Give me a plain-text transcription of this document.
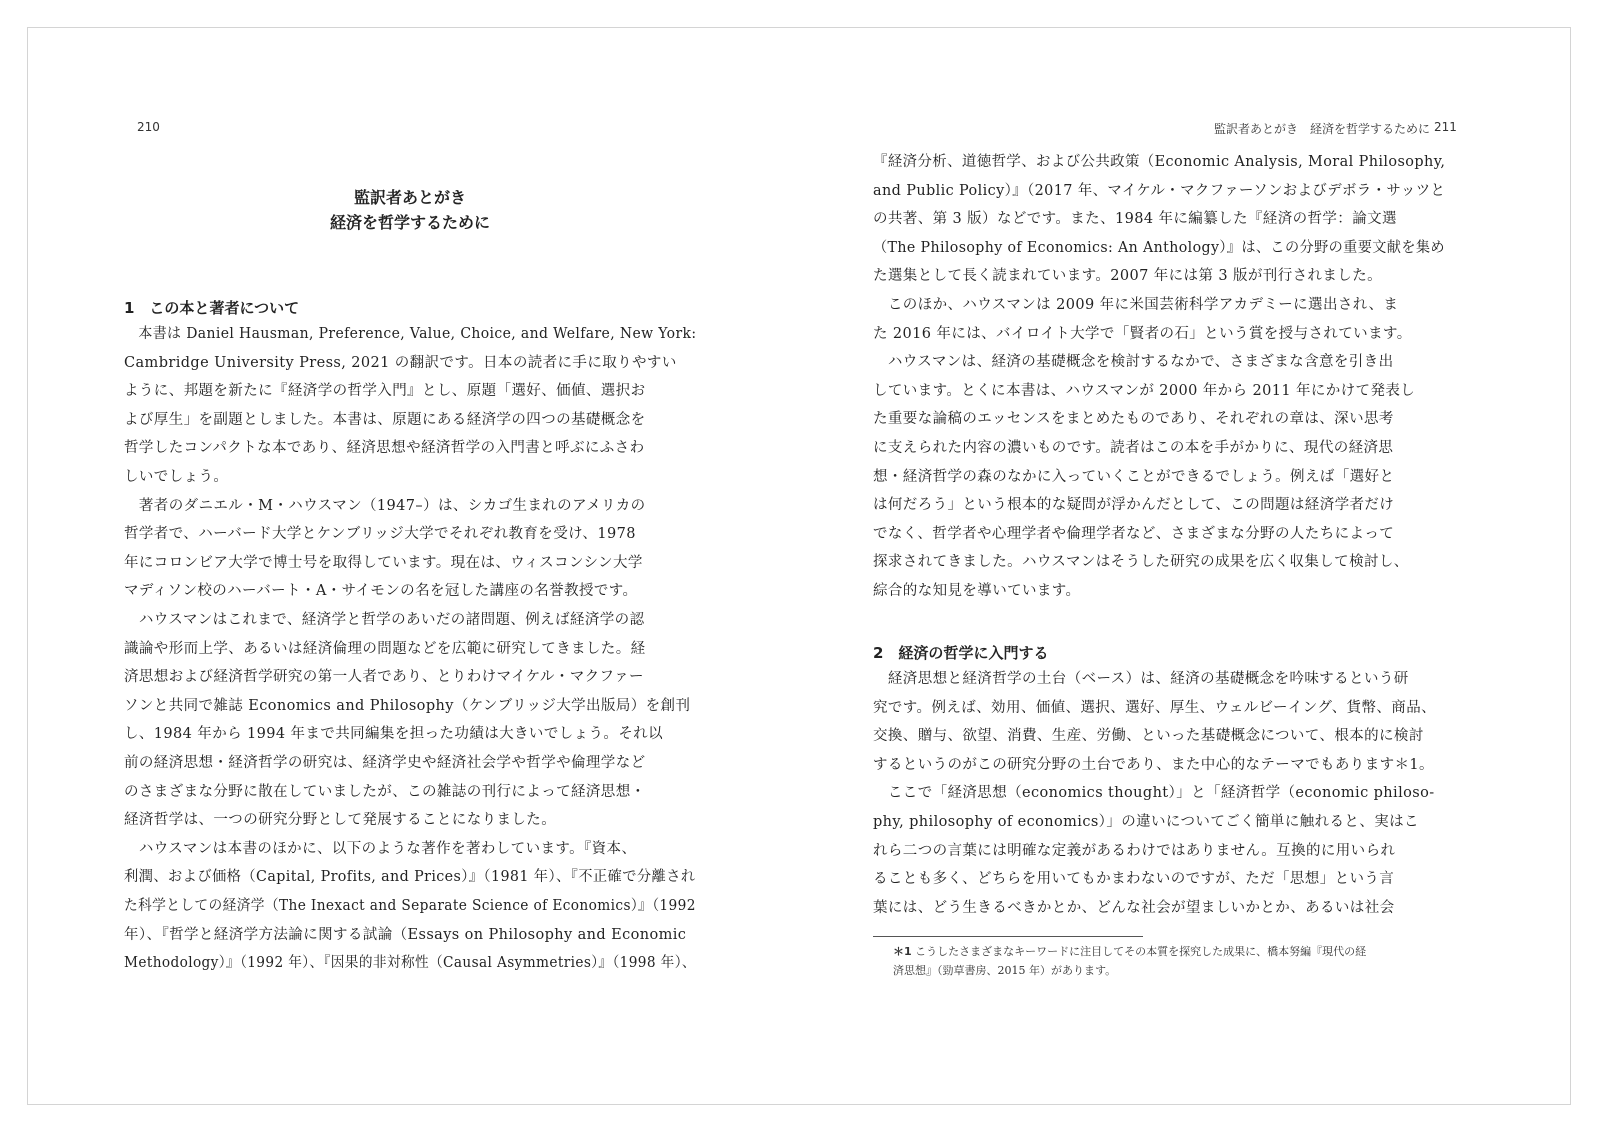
210
監訳者あとがき
経済を哲学するために
1　この本と著者について
　本書は Daniel Hausman, Preference, Value, Choice, and Welfare, New York:
Cambridge University Press, 2021 の翻訳です。日本の読者に手に取りやすい
ように、邦題を新たに『経済学の哲学入門』とし、原題「選好、価値、選択お
よび厚生」を副題としました。本書は、原題にある経済学の四つの基礎概念を
哲学したコンパクトな本であり、経済思想や経済哲学の入門書と呼ぶにふさわ
しいでしょう。
　著者のダニエル・M・ハウスマン（1947–）は、シカゴ生まれのアメリカの
哲学者で、ハーバード大学とケンブリッジ大学でそれぞれ教育を受け、1978
年にコロンビア大学で博士号を取得しています。現在は、ウィスコンシン大学
マディソン校のハーバート・A・サイモンの名を冠した講座の名誉教授です。
　ハウスマンはこれまで、経済学と哲学のあいだの諸問題、例えば経済学の認
識論や形而上学、あるいは経済倫理の問題などを広範に研究してきました。経
済思想および経済哲学研究の第一人者であり、とりわけマイケル・マクファー
ソンと共同で雑誌 Economics and Philosophy（ケンブリッジ大学出版局）を創刊
し、1984 年から 1994 年まで共同編集を担った功績は大きいでしょう。それ以
前の経済思想・経済哲学の研究は、経済学史や経済社会学や哲学や倫理学など
のさまざまな分野に散在していましたが、この雑誌の刊行によって経済思想・
経済哲学は、一つの研究分野として発展することになりました。
　ハウスマンは本書のほかに、以下のような著作を著わしています。『資本、
利潤、および価格（Capital, Profits, and Prices）』（1981 年）、『不正確で分離され
た科学としての経済学（The Inexact and Separate Science of Economics）』（1992
年）、『哲学と経済学方法論に関する試論（Essays on Philosophy and Economic
Methodology）』（1992 年）、『因果的非対称性（Causal Asymmetries）』（1998 年）、
監訳者あとがき　経済を哲学するために 211
『経済分析、道徳哲学、および公共政策（Economic Analysis, Moral Philosophy,
and Public Policy）』（2017 年、マイケル・マクファーソンおよびデボラ・サッツと
の共著、第 3 版）などです。また、1984 年に編纂した『経済の哲学：論文選
（The Philosophy of Economics: An Anthology）』は、この分野の重要文献を集め
た選集として長く読まれています。2007 年には第 3 版が刊行されました。
　このほか、ハウスマンは 2009 年に米国芸術科学アカデミーに選出され、ま
た 2016 年には、バイロイト大学で「賢者の石」という賞を授与されています。
　ハウスマンは、経済の基礎概念を検討するなかで、さまざまな含意を引き出
しています。とくに本書は、ハウスマンが 2000 年から 2011 年にかけて発表し
た重要な論稿のエッセンスをまとめたものであり、それぞれの章は、深い思考
に支えられた内容の濃いものです。読者はこの本を手がかりに、現代の経済思
想・経済哲学の森のなかに入っていくことができるでしょう。例えば「選好と
は何だろう」という根本的な疑問が浮かんだとして、この問題は経済学者だけ
でなく、哲学者や心理学者や倫理学者など、さまざまな分野の人たちによって
探求されてきました。ハウスマンはそうした研究の成果を広く収集して検討し、
綜合的な知見を導いています。
2　経済の哲学に入門する
　経済思想と経済哲学の土台（ベース）は、経済の基礎概念を吟味するという研
究です。例えば、効用、価値、選択、選好、厚生、ウェルビーイング、貨幣、商品、
交換、贈与、欲望、消費、生産、労働、といった基礎概念について、根本的に検討
するというのがこの研究分野の土台であり、また中心的なテーマでもあります＊1。
　ここで「経済思想（economics thought）」と「経済哲学（economic philoso-
phy, philosophy of economics）」の違いについてごく簡単に触れると、実はこ
れら二つの言葉には明確な定義があるわけではありません。互換的に用いられ
ることも多く、どちらを用いてもかまわないのですが、ただ「思想」という言
葉には、どう生きるべきかとか、どんな社会が望ましいかとか、あるいは社会
＊1 こうしたさまざまなキーワードに注目してその本質を探究した成果に、橋本努編『現代の経
済思想』（勁草書房、2015 年）があります。
